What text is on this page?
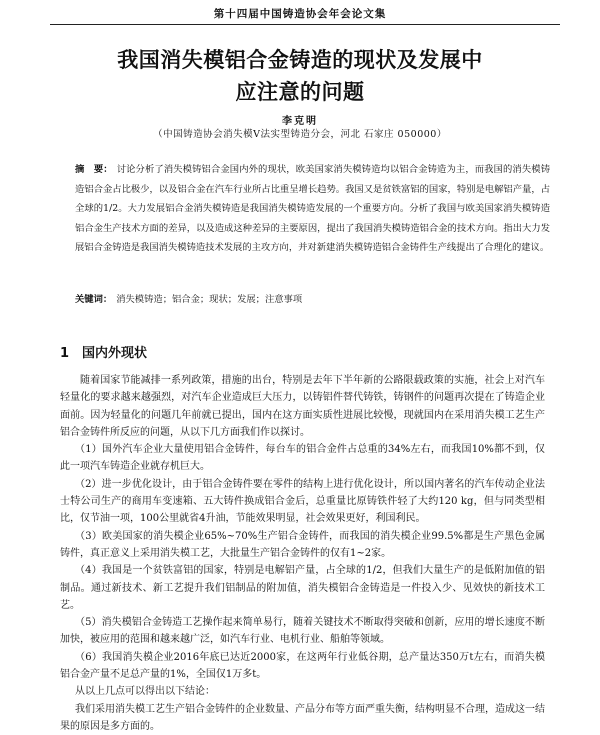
第十四届中国铸造协会年会论文集
我国消失模铝合金铸造的现状及发展中
应注意的问题
李克明
（中国铸造协会消失模V法实型铸造分会，河北 石家庄 050000）
摘　要： 讨论分析了消失模铸铝合金国内外的现状，欧美国家消失模铸造均以铝合金铸造为主，而我国的消失模铸造铝合金占比极少，以及铝合金在汽车行业所占比重呈增长趋势。我国又是贫铁富铝的国家，特别是电解铝产量，占全球的1/2。大力发展铝合金消失模铸造是我国消失模铸造发展的一个重要方向。分析了我国与欧美国家消失模铸造铝合金生产技术方面的差异，以及造成这种差异的主要原因，提出了我国消失模铸造铝合金的技术方向。指出大力发展铝合金铸造是我国消失模铸造技术发展的主攻方向，并对新建消失模铸造铝合金铸件生产线提出了合理化的建议。
关键词： 消失模铸造；铝合金；现状；发展；注意事项
1　国内外现状

随着国家节能减排一系列政策，措施的出台，特别是去年下半年新的公路限载政策的实施，社会上对汽车轻量化的要求越来越强烈，对汽车企业造成巨大压力，以铸铝件替代铸铁，铸钢件的问题再次提在了铸造企业面前。因为轻量化的问题几年前就已提出，国内在这方面实质性进展比较慢，现就国内在采用消失模工艺生产铝合金铸件所反应的问题，从以下几方面我们作以探讨。

（1）国外汽车企业大量使用铝合金铸件，每台车的铝合金件占总重的34%左右，而我国10%都不到，仅此一项汽车铸造企业就存机巨大。

（2）进一步优化设计，由于铝合金铸件要在零件的结构上进行优化设计，所以国内著名的汽车传动企业法士特公司生产的商用车变速箱、五大铸件换成铝合金后，总重量比原铸铁件轻了大约120 kg，但与同类型相比，仅节油一项，100公里就省4升油，节能效果明显，社会效果更好，利国利民。

（3）欧美国家的消失模企业65%~70%生产铝合金铸件，而我国的消失模企业99.5%都是生产黑色金属铸件，真正意义上采用消失模工艺，大批量生产铝合金铸件的仅有1~2家。

（4）我国是一个贫铁富铝的国家，特别是电解铝产量，占全球的1/2，但我们大量生产的是低附加值的铝制品。通过新技术、新工艺提升我们铝制品的附加值，消失模铝合金铸造是一件投入少、见效快的新技术工艺。

（5）消失模铝合金铸造工艺操作起来简单易行，随着关键技术不断取得突破和创新，应用的增长速度不断加快，被应用的范围和越来越广泛，如汽车行业、电机行业、船舶等领域。

（6）我国消失模企业2016年底已达近2000家，在这两年行业低谷期，总产量达350万t左右，而消失模铝合金产量不足总产量的1%，全国仅1万多t。

从以上几点可以得出以下结论：

我们采用消失模工艺生产铝合金铸件的企业数量、产品分布等方面严重失衡，结构明显不合理，造成这一结果的原因是多方面的。
